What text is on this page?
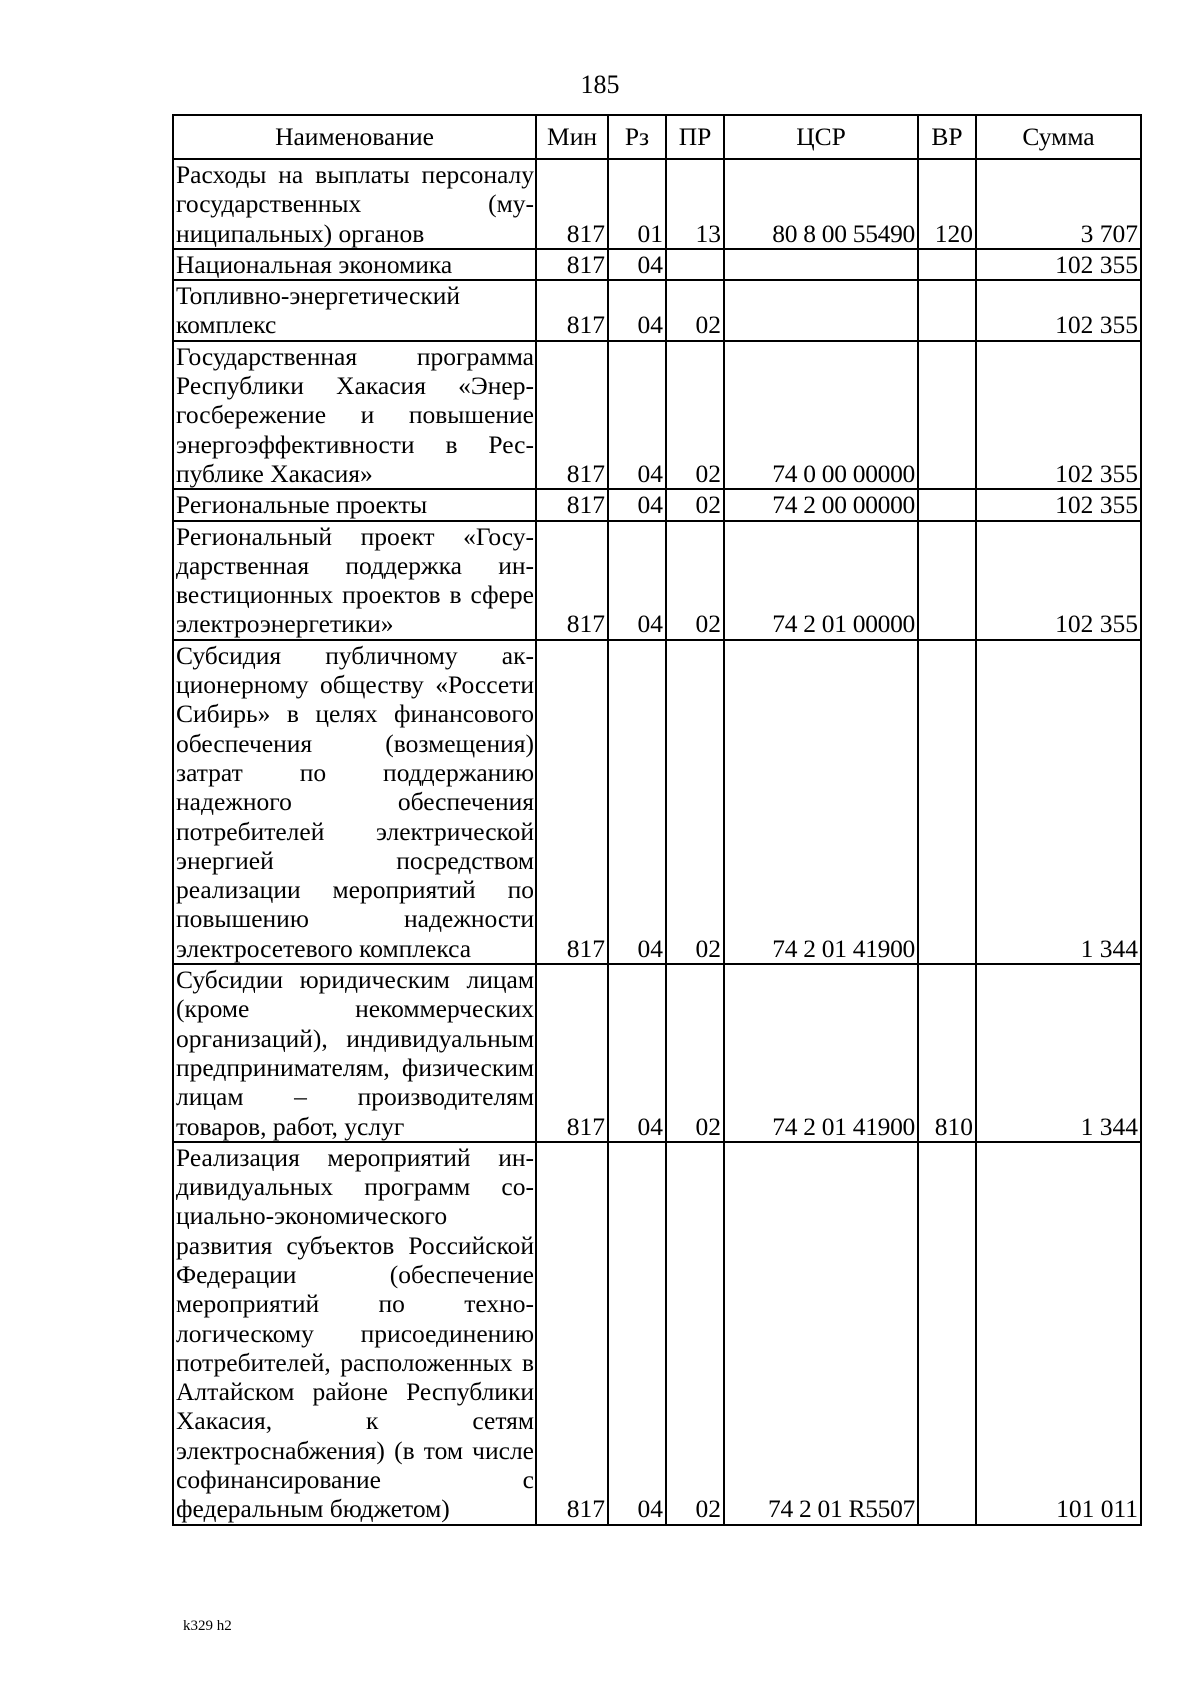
185
Наименование	Мин	Рз	ПР	ЦСР	ВР	Сумма
Расходы на выплаты персоналу государственных (муниципальных) органов	817	01	13	80 8 00 55490	120	3 707
Национальная экономика	817	04				102 355
Топливно-энергетический комплекс	817	04	02			102 355
Государственная программа Республики Хакасия «Энергосбережение и повышение энергоэффективности в Республике Хакасия»	817	04	02	74 0 00 00000		102 355
Региональные проекты	817	04	02	74 2 00 00000		102 355
Региональный проект «Государственная поддержка инвестиционных проектов в сфере электроэнергетики»	817	04	02	74 2 01 00000		102 355
Субсидия публичному акционерному обществу «Россети Сибирь» в целях финансового обеспечения (возмещения) затрат по поддержанию надежного обеспечения потребителей электрической энергией посредством реализации мероприятий по повышению надежности электросетевого комплекса	817	04	02	74 2 01 41900		1 344
Субсидии юридическим лицам (кроме некоммерческих организаций), индивидуальным предпринимателям, физическим лицам – производителям товаров, работ, услуг	817	04	02	74 2 01 41900	810	1 344
Реализация мероприятий индивидуальных программ социально-экономического развития субъектов Российской Федерации (обеспечение мероприятий по технологическому присоединению потребителей, расположенных в Алтайском районе Республики Хакасия, к сетям электроснабжения) (в том числе софинансирование с федеральным бюджетом)	817	04	02	74 2 01 R5507		101 011
k329 h2
